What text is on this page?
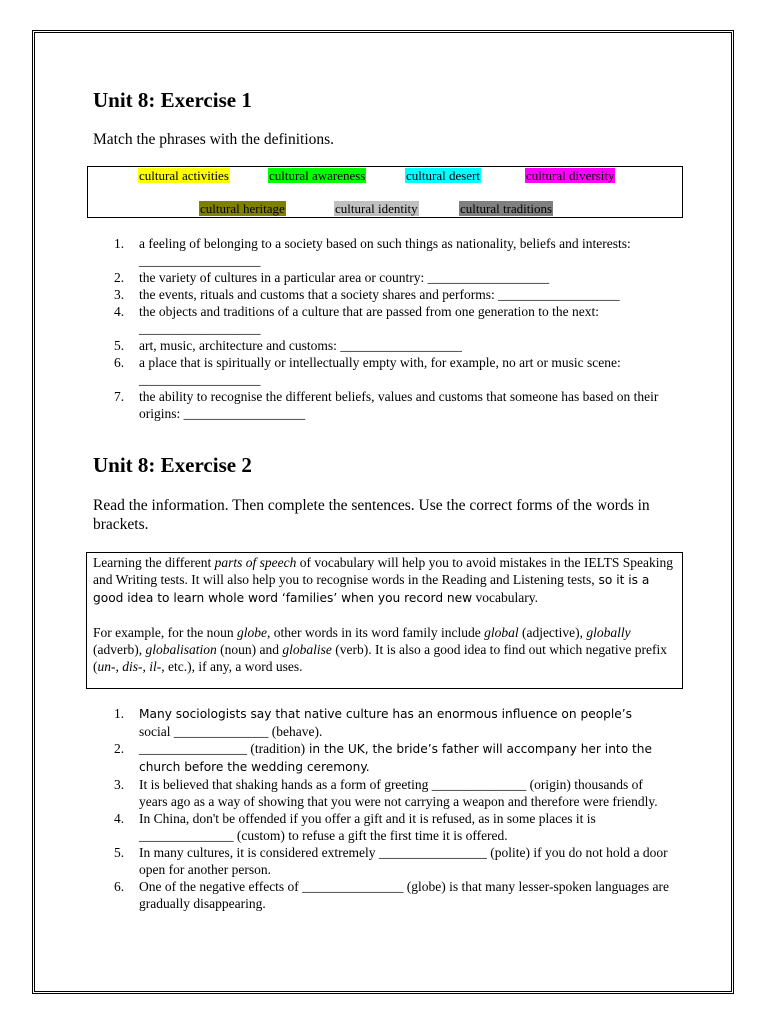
Unit 8: Exercise 1

Match the phrases with the definitions.

cultural activities	cultural awareness	cultural desert	cultural diversity
cultural heritage	cultural identity	cultural traditions
a feeling of belonging to a society based on such things as nationality, beliefs and interests: __________________
the variety of cultures in a particular area or country: __________________
the events, rituals and customs that a society shares and performs: __________________
the objects and traditions of a culture that are passed from one generation to the next: __________________
art, music, architecture and customs: __________________
a place that is spiritually or intellectually empty with, for example, no art or music scene: __________________
the ability to recognise the different beliefs, values and customs that someone has based on their origins: __________________
Unit 8: Exercise 2

Read the information. Then complete the sentences. Use the correct forms of the words in brackets.

Learning the different parts of speech of vocabulary will help you to avoid mistakes in the IELTS Speaking and Writing tests. It will also help you to recognise words in the Reading and Listening tests, so it is a good idea to learn whole word ‘families’ when you record new vocabulary.

For example, for the noun globe, other words in its word family include global (adjective), globally (adverb), globalisation (noun) and globalise (verb). It is also a good idea to find out which negative prefix (un-, dis-, il-, etc.), if any, a word uses.

Many sociologists say that native culture has an enormous influence on people’s
social ______________ (behave).
________________ (tradition) in the UK, the bride’s father will accompany her into the church before the wedding ceremony.
It is believed that shaking hands as a form of greeting ______________ (origin) thousands of years ago as a way of showing that you were not carrying a weapon and therefore were friendly.
In China, don't be offended if you offer a gift and it is refused, as in some places it is ______________ (custom) to refuse a gift the first time it is offered.
In many cultures, it is considered extremely ________________ (polite) if you do not hold a door open for another person.
One of the negative effects of _______________ (globe) is that many lesser-spoken languages are gradually disappearing.
